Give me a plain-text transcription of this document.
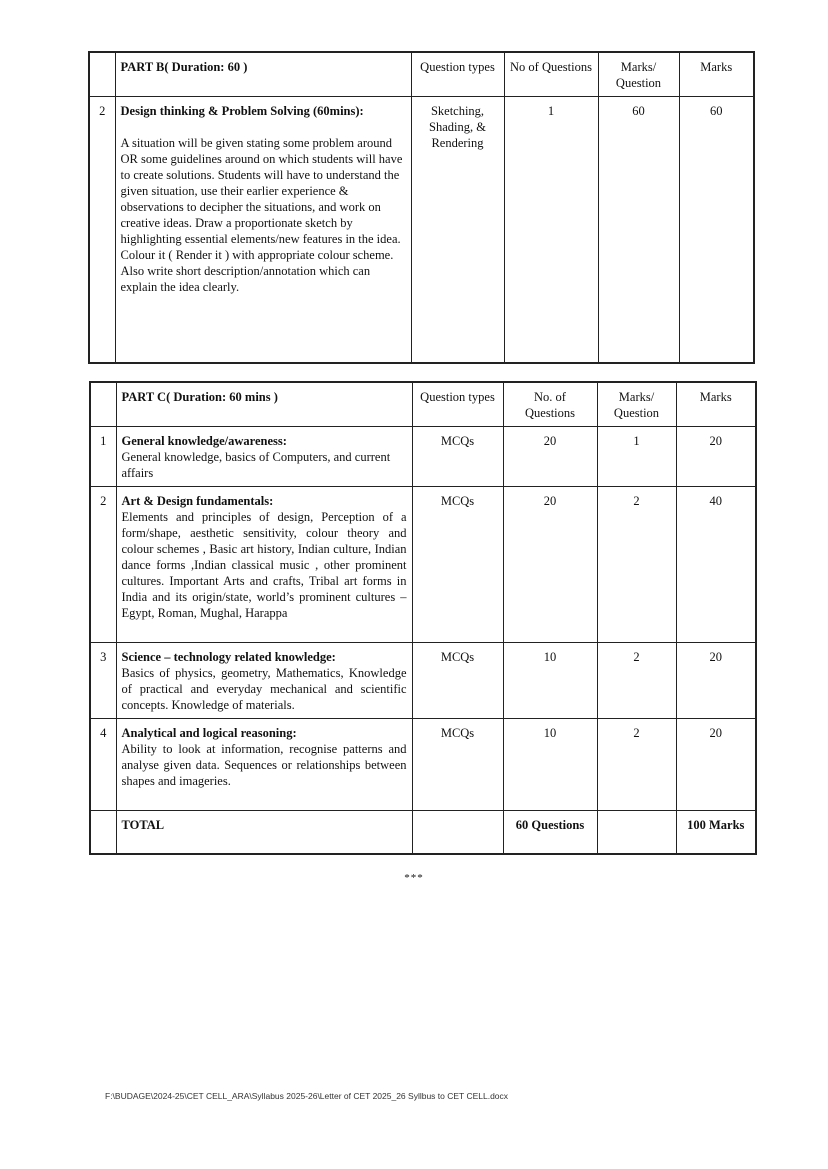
	PART B( Duration: 60 )	Question types	No of Questions	Marks/ Question	Marks
2	Design thinking & Problem Solving (60mins):
A situation will be given stating some problem around OR some guidelines around on which students will have to create solutions. Students will have to understand the given situation, use their earlier experience & observations to decipher the situations, and work on creative ideas. Draw a proportionate sketch by highlighting essential elements/new features in the idea. Colour it ( Render it ) with appropriate colour scheme. Also write short description/annotation which can explain the idea clearly.	Sketching, Shading, & Rendering	1	60	60
	PART C( Duration: 60 mins )	Question types	No. of Questions	Marks/ Question	Marks
1	General knowledge/awareness:
General knowledge, basics of Computers, and current affairs	MCQs	20	1	20
2	Art & Design fundamentals:
Elements and principles of design, Perception of a form/shape, aesthetic sensitivity, colour theory and colour schemes , Basic art history, Indian culture, Indian dance forms ,Indian classical music , other prominent cultures. Important Arts and crafts, Tribal art forms in India and its origin/state, world’s prominent cultures – Egypt, Roman, Mughal, Harappa	MCQs	20	2	40
3	Science – technology related knowledge:
Basics of physics, geometry, Mathematics, Knowledge of practical and everyday mechanical and scientific concepts. Knowledge of materials.	MCQs	10	2	20
4	Analytical and logical reasoning:
Ability to look at information, recognise patterns and analyse given data. Sequences or relationships between shapes and imageries.	MCQs	10	2	20
	TOTAL		60 Questions		100 Marks
***
F:\BUDAGE\2024-25\CET CELL_ARA\Syllabus 2025-26\Letter of CET 2025_26 Syllbus to CET CELL.docx
